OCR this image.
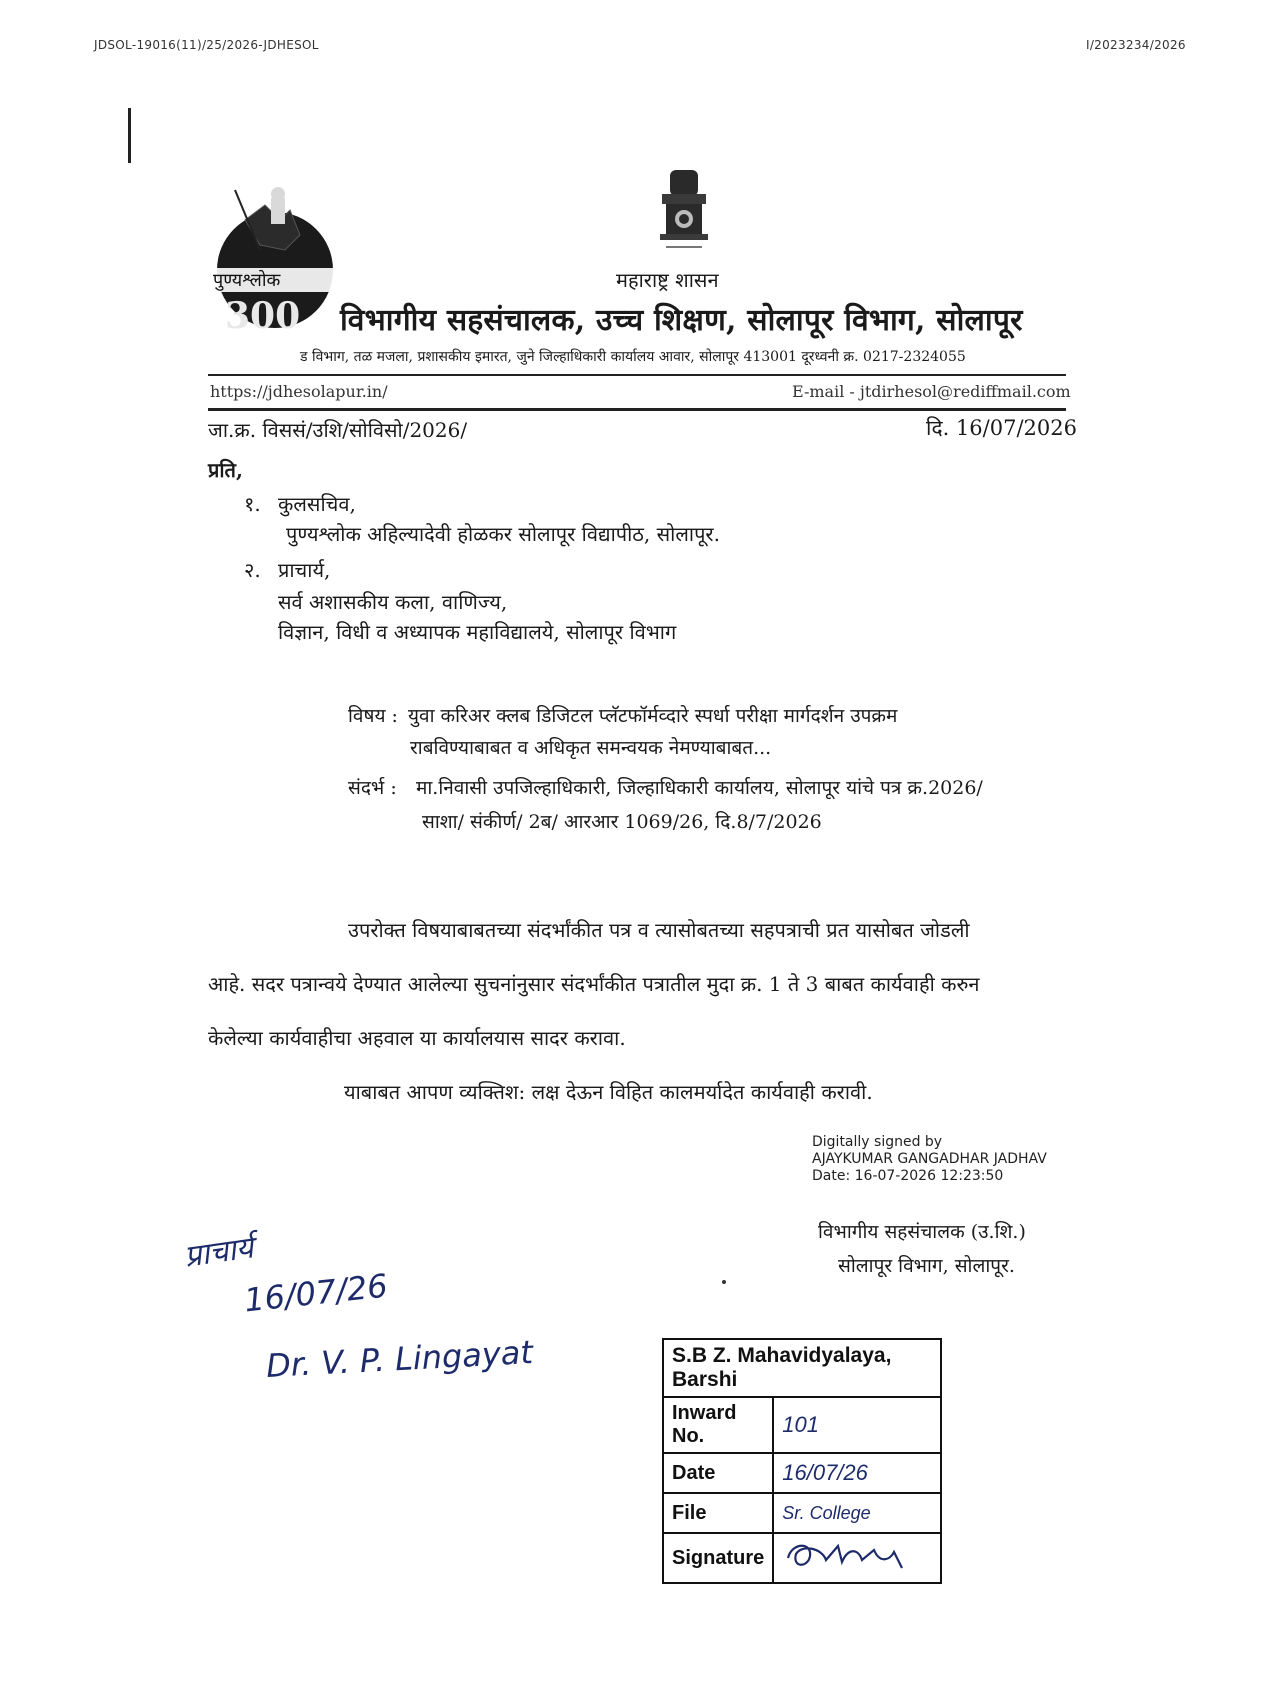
JDSOL-19016(11)/25/2026-JDHESOL	I/2023234/2026
पुण्यश्लोक
300
महाराष्ट्र शासन
विभागीय सहसंचालक, उच्च शिक्षण, सोलापूर विभाग, सोलापूर
ड विभाग, तळ मजला, प्रशासकीय इमारत, जुने जिल्हाधिकारी कार्यालय आवार, सोलापूर 413001 दूरध्वनी क्र. 0217-2324055
https://jdhesolapur.in/	E-mail - jtdirhesol@rediffmail.com
जा.क्र. विससं/उशि/सोविसो/2026/	दि. 16/07/2026
प्रति,
१. कुलसचिव,
पुण्यश्लोक अहिल्यादेवी होळकर सोलापूर विद्यापीठ, सोलापूर.
२. प्राचार्य,
सर्व अशासकीय कला, वाणिज्य,
विज्ञान, विधी व अध्यापक महाविद्यालये, सोलापूर विभाग
विषय : युवा करिअर क्लब डिजिटल प्लॅटफॉर्मव्दारे स्पर्धा परीक्षा मार्गदर्शन उपक्रम
राबविण्याबाबत व अधिकृत समन्वयक नेमण्याबाबत...
संदर्भ : मा.निवासी उपजिल्हाधिकारी, जिल्हाधिकारी कार्यालय, सोलापूर यांचे पत्र क्र.2026/
साशा/ संकीर्ण/ 2ब/ आरआर 1069/26, दि.8/7/2026
उपरोक्त विषयाबाबतच्या संदर्भांकीत पत्र व त्यासोबतच्या सहपत्राची प्रत यासोबत जोडली
आहे. सदर पत्रान्वये देण्यात आलेल्या सुचनांनुसार संदर्भांकीत पत्रातील मुदा क्र. 1 ते 3 बाबत कार्यवाही करुन
केलेल्या कार्यवाहीचा अहवाल या कार्यालयास सादर करावा.
याबाबत आपण व्यक्तिश: लक्ष देऊन विहित कालमर्यादेत कार्यवाही करावी.
Digitally signed by
AJAYKUMAR GANGADHAR JADHAV
Date: 16-07-2026 12:23:50
विभागीय सहसंचालक (उ.शि.)
सोलापूर विभाग, सोलापूर.
प्राचार्य
16/07/26
Dr. V. P. Lingayat	S.B Z. Mahavidyalaya, Barshi	
Inward No.	101
Date	16/07/26
File	Sr. College
Signature	
